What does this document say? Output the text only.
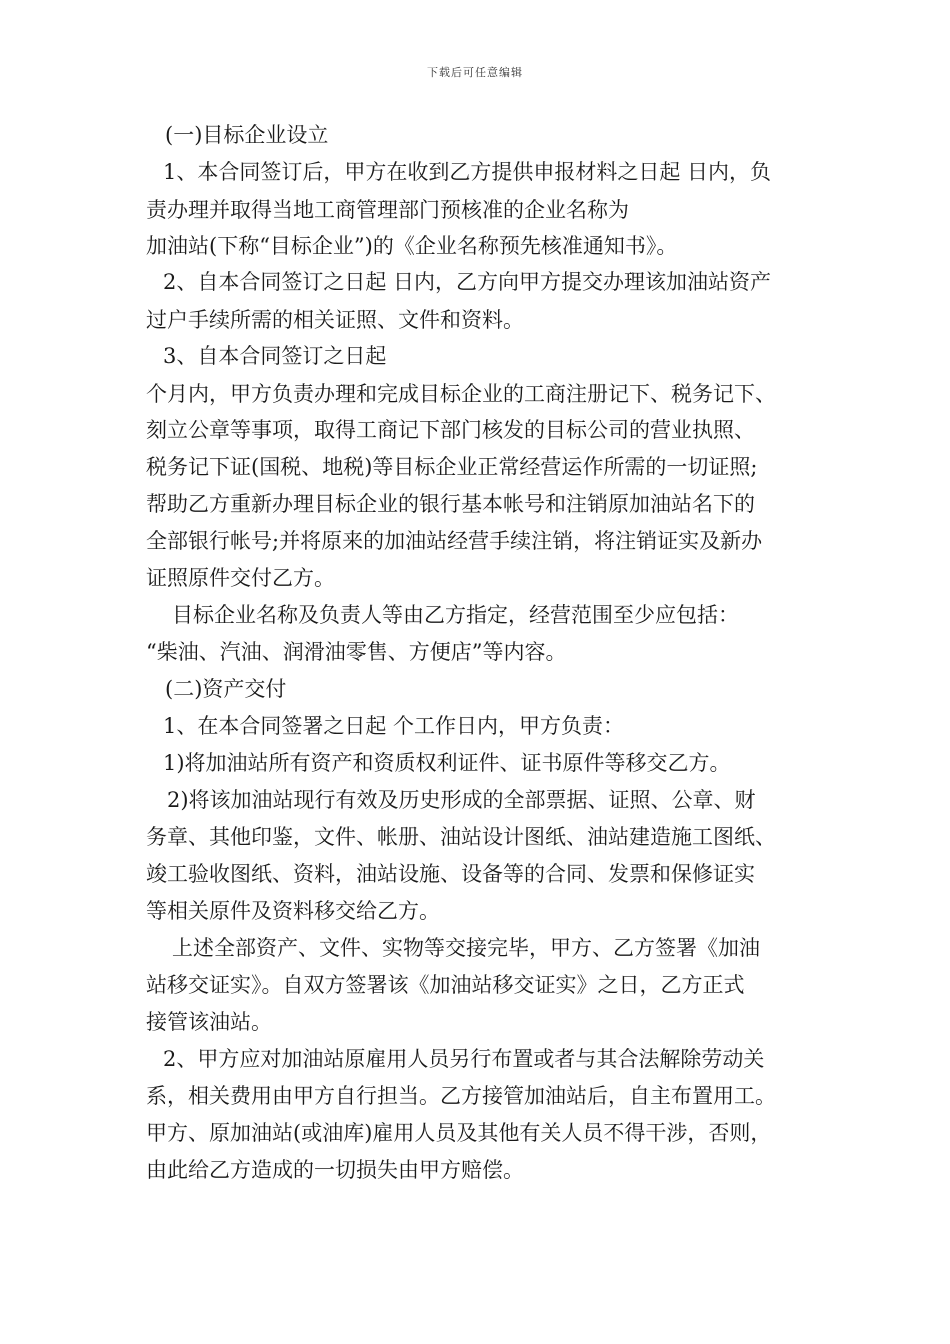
下载后可任意编辑
(一)目标企业设立
1、本合同签订后，甲方在收到乙方提供申报材料之日起 日内，负
责办理并取得当地工商管理部门预核准的企业名称为
加油站(下称“目标企业”)的《企业名称预先核准通知书》。
2、自本合同签订之日起 日内，乙方向甲方提交办理该加油站资产
过户手续所需的相关证照、文件和资料。
3、自本合同签订之日起
个月内，甲方负责办理和完成目标企业的工商注册记下、税务记下、
刻立公章等事项，取得工商记下部门核发的目标公司的营业执照、
税务记下证(国税、地税)等目标企业正常经营运作所需的一切证照;
帮助乙方重新办理目标企业的银行基本帐号和注销原加油站名下的
全部银行帐号;并将原来的加油站经营手续注销，将注销证实及新办
证照原件交付乙方。
目标企业名称及负责人等由乙方指定，经营范围至少应包括：
“柴油、汽油、润滑油零售、方便店”等内容。
(二)资产交付
1、在本合同签署之日起 个工作日内，甲方负责：
1)将加油站所有资产和资质权利证件、证书原件等移交乙方。
2)将该加油站现行有效及历史形成的全部票据、证照、公章、财
务章、其他印鉴，文件、帐册、油站设计图纸、油站建造施工图纸、
竣工验收图纸、资料，油站设施、设备等的合同、发票和保修证实
等相关原件及资料移交给乙方。
上述全部资产、文件、实物等交接完毕，甲方、乙方签署《加油
站移交证实》。自双方签署该《加油站移交证实》之日，乙方正式
接管该油站。
2、甲方应对加油站原雇用人员另行布置或者与其合法解除劳动关
系，相关费用由甲方自行担当。乙方接管加油站后，自主布置用工。
甲方、原加油站(或油库)雇用人员及其他有关人员不得干涉，否则，
由此给乙方造成的一切损失由甲方赔偿。
